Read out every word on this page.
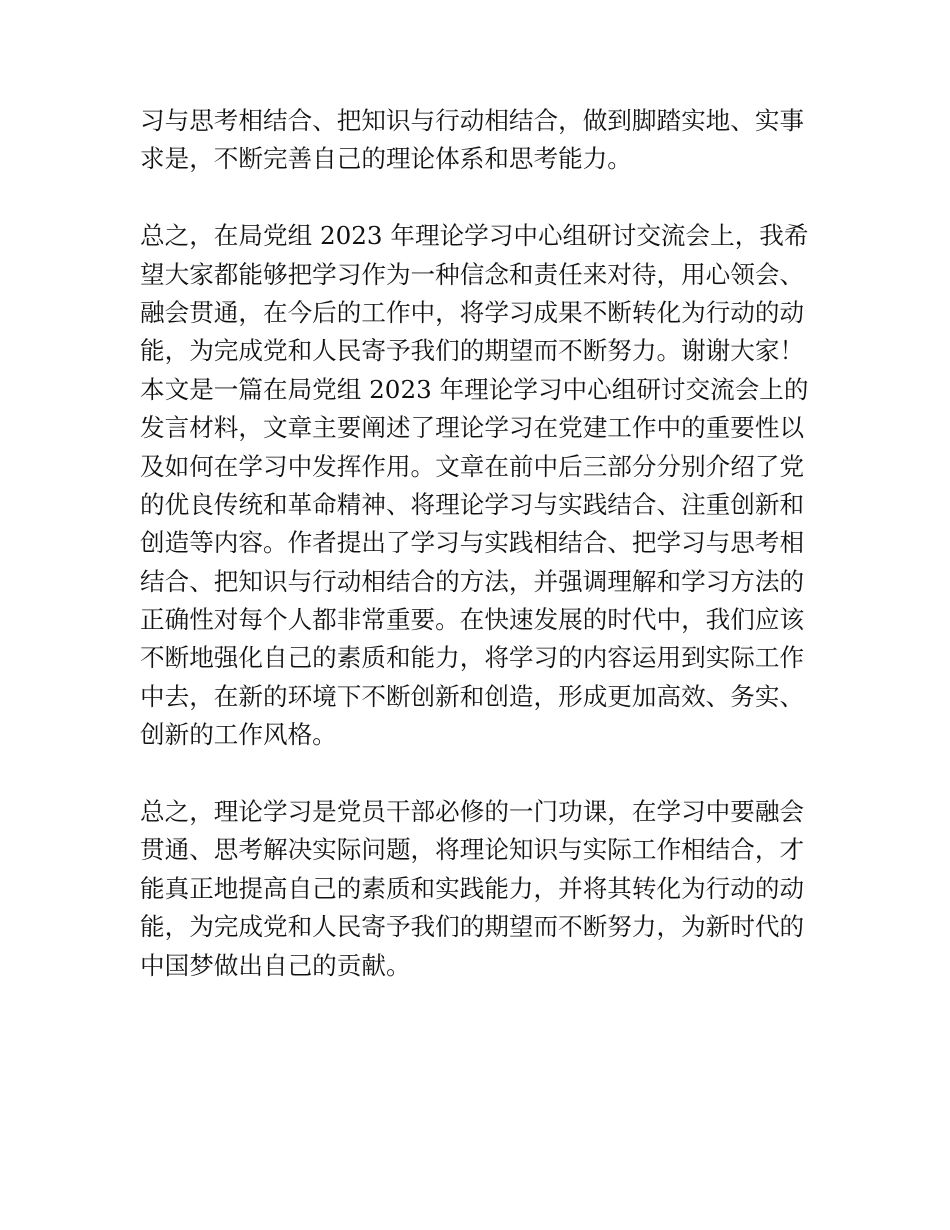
习与思考相结合、把知识与行动相结合，做到脚踏实地、实事
求是，不断完善自己的理论体系和思考能力。
总之，在局党组 2023 年理论学习中心组研讨交流会上，我希
望大家都能够把学习作为一种信念和责任来对待，用心领会、
融会贯通，在今后的工作中，将学习成果不断转化为行动的动
能，为完成党和人民寄予我们的期望而不断努力。谢谢大家！
本文是一篇在局党组 2023 年理论学习中心组研讨交流会上的
发言材料，文章主要阐述了理论学习在党建工作中的重要性以
及如何在学习中发挥作用。文章在前中后三部分分别介绍了党
的优良传统和革命精神、将理论学习与实践结合、注重创新和
创造等内容。作者提出了学习与实践相结合、把学习与思考相
结合、把知识与行动相结合的方法，并强调理解和学习方法的
正确性对每个人都非常重要。在快速发展的时代中，我们应该
不断地强化自己的素质和能力，将学习的内容运用到实际工作
中去，在新的环境下不断创新和创造，形成更加高效、务实、
创新的工作风格。
总之，理论学习是党员干部必修的一门功课，在学习中要融会
贯通、思考解决实际问题，将理论知识与实际工作相结合，才
能真正地提高自己的素质和实践能力，并将其转化为行动的动
能，为完成党和人民寄予我们的期望而不断努力，为新时代的
中国梦做出自己的贡献。
